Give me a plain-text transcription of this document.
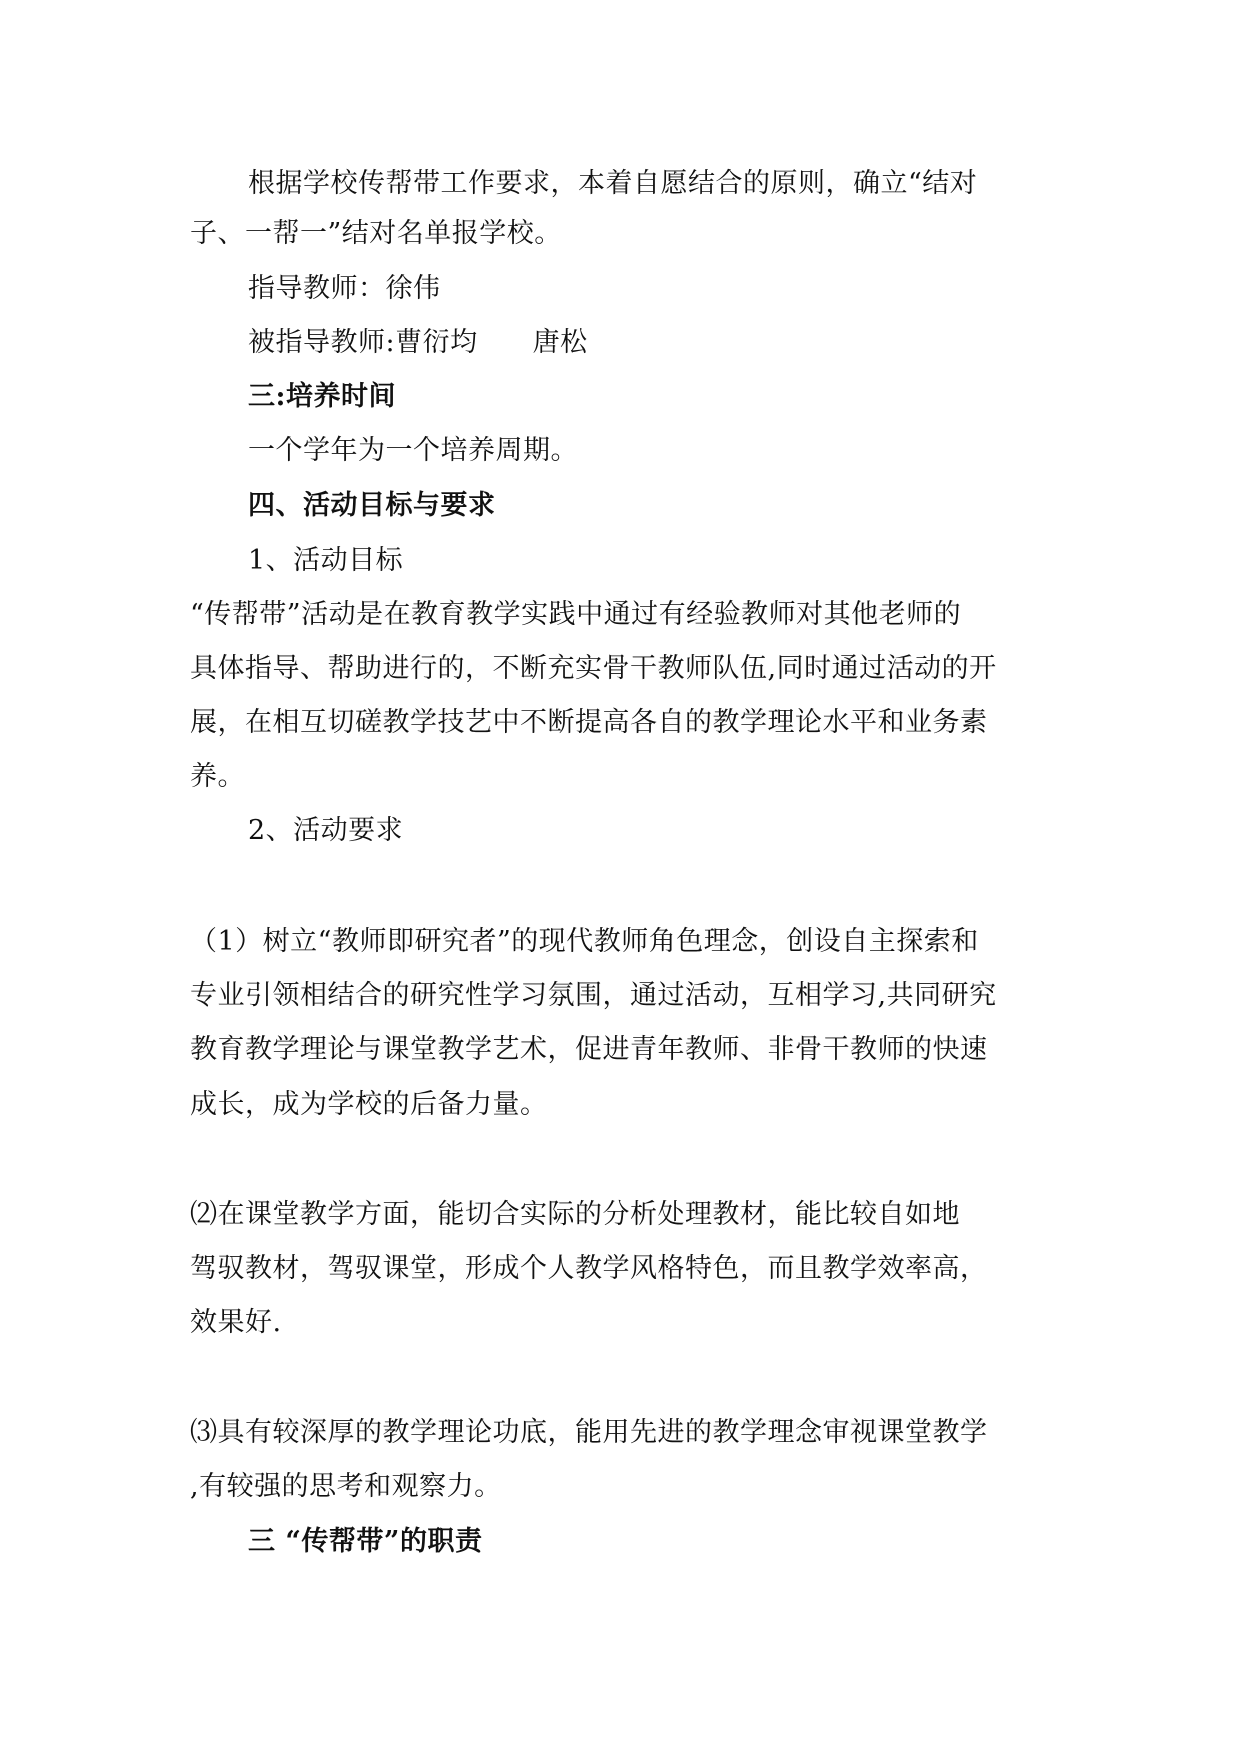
根据学校传帮带工作要求，本着自愿结合的原则，确立“结对
子、一帮一”结对名单报学校。
指导教师：徐伟
被指导教师:曹衍均　　唐松
三:培养时间
一个学年为一个培养周期。
四、活动目标与要求
1、活动目标
“传帮带”活动是在教育教学实践中通过有经验教师对其他老师的
具体指导、帮助进行的，不断充实骨干教师队伍,同时通过活动的开
展，在相互切磋教学技艺中不断提高各自的教学理论水平和业务素
养。
2、活动要求
（1）树立“教师即研究者”的现代教师角色理念，创设自主探索和
专业引领相结合的研究性学习氛围，通过活动，互相学习,共同研究
教育教学理论与课堂教学艺术，促进青年教师、非骨干教师的快速
成长，成为学校的后备力量。
⑵在课堂教学方面，能切合实际的分析处理教材，能比较自如地
驾驭教材，驾驭课堂，形成个人教学风格特色，而且教学效率高，
效果好.
⑶具有较深厚的教学理论功底，能用先进的教学理念审视课堂教学
,有较强的思考和观察力。
三 “传帮带”的职责
